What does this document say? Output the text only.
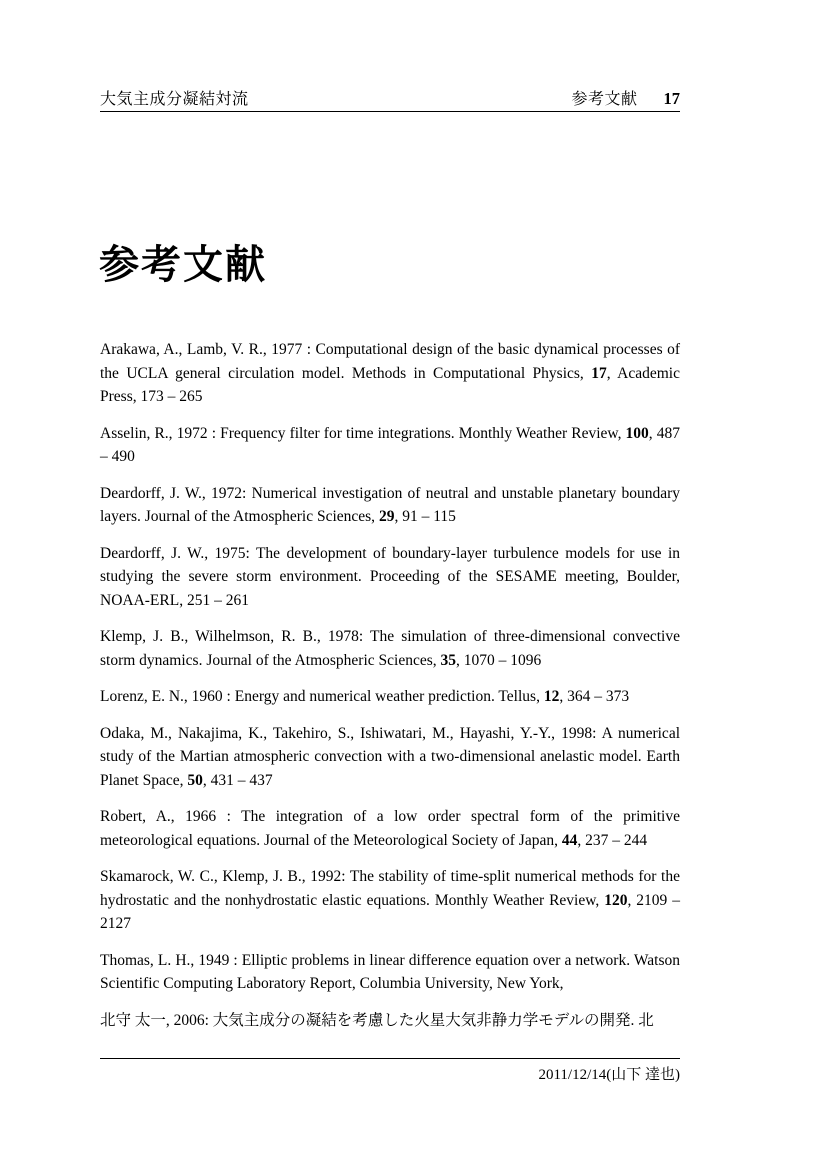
大気主成分凝結対流	参考文献 17
参考文献

Arakawa, A., Lamb, V. R., 1977 : Computational design of the basic dynamical processes of the UCLA general circulation model. Methods in Computational Physics, 17, Academic Press, 173 – 265

Asselin, R., 1972 : Frequency filter for time integrations. Monthly Weather Review, 100, 487 – 490

Deardorff, J. W., 1972: Numerical investigation of neutral and unstable planetary boundary layers. Journal of the Atmospheric Sciences, 29, 91 – 115

Deardorff, J. W., 1975: The development of boundary-layer turbulence models for use in studying the severe storm environment. Proceeding of the SESAME meeting, Boulder, NOAA-ERL, 251 – 261

Klemp, J. B., Wilhelmson, R. B., 1978: The simulation of three-dimensional convective storm dynamics. Journal of the Atmospheric Sciences, 35, 1070 – 1096

Lorenz, E. N., 1960 : Energy and numerical weather prediction. Tellus, 12, 364 – 373

Odaka, M., Nakajima, K., Takehiro, S., Ishiwatari, M., Hayashi, Y.-Y., 1998: A numerical study of the Martian atmospheric convection with a two-dimensional anelastic model. Earth Planet Space, 50, 431 – 437

Robert, A., 1966 : The integration of a low order spectral form of the primitive meteorological equations. Journal of the Meteorological Society of Japan, 44, 237 – 244

Skamarock, W. C., Klemp, J. B., 1992: The stability of time-split numerical methods for the hydrostatic and the nonhydrostatic elastic equations. Monthly Weather Review, 120, 2109 – 2127

Thomas, L. H., 1949 : Elliptic problems in linear difference equation over a network. Watson Scientific Computing Laboratory Report, Columbia University, New York,

北守 太一, 2006: 大気主成分の凝結を考慮した火星大気非静力学モデルの開発. 北

2011/12/14(山下 達也)
